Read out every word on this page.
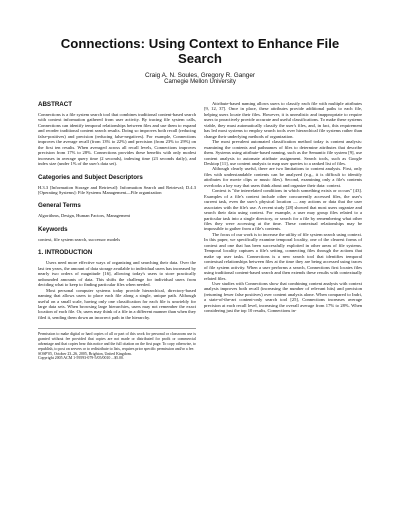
Connections: Using Context to Enhance File Search
Craig A. N. Soules, Gregory R. Ganger
Carnegie Mellon University
ABSTRACT

Connections is a file system search tool that combines traditional content-based search with context information gathered from user activity. By tracing file system calls, Connections can identify temporal relationships between files and use them to expand and reorder traditional content search results. Doing so improves both recall (reducing false-positives) and precision (reducing false-negatives). For example, Connections improves the average recall (from 13% to 22%) and precision (from 23% to 29%) on the first ten results. When averaged across all recall levels, Connections improves precision from 17% to 28%. Connections provides these benefits with only modest increases in average query time (2 seconds), indexing time (23 seconds daily), and index size (under 1% of the user's data set).

Categories and Subject Descriptors

H.3.3 [Information Storage and Retrieval]: Information Search and Retrieval; D.4.3 [Operating Systems]: File Systems Management—File organization

General Terms

Algorithms, Design, Human Factors, Management

Keywords

context, file system search, successor models

1. INTRODUCTION

Users need more effective ways of organizing and searching their data. Over the last ten years, the amount of data storage available to individual users has increased by nearly two orders of magnitude [16], allowing today's users to store practically unbounded amounts of data. This shifts the challenge for individual users from deciding what to keep to finding particular files when needed.

Most personal computer systems today provide hierarchical, directory-based naming that allows users to place each file along a single, unique path. Although useful on a small scale, having only one classification for each file is unwieldy for large data sets. When browsing large hierarchies, users may not remember the exact location of each file. Or, users may think of a file in a different manner than when they filed it, sending them down an incorrect path in the hierarchy.

Permission to make digital or hard copies of all or part of this work for personal or classroom use is granted without fee provided that copies are not made or distributed for profit or commercial advantage and that copies bear this notice and the full citation on the first page. To copy otherwise, to republish, to post on servers or to redistribute to lists, requires prior specific permission and/or a fee.

SOSP'05, October 23–26, 2005, Brighton, United Kingdom.

Copyright 2005 ACM 1-59593-079-5/05/0010 ...$5.00.

Attribute-based naming allows users to classify each file with multiple attributes [9, 12, 37]. Once in place, these attributes provide additional paths to each file, helping users locate their files. However, it is unrealistic and inappropriate to require users to proactively provide accurate and useful classifications. To make these systems viable, they must automatically classify the user's files, and, in fact, this requirement has led most systems to employ search tools over hierarchical file systems rather than change their underlying methods of organization.

The most prevalent automated classification method today is content analysis: examining the contents and pathnames of files to determine attributes that describe them. Systems using attribute-based naming, such as the Semantic file system [9], use content analysis to automate attribute assignment. Search tools, such as Google Desktop [11], use content analysis to map user queries to a ranked list of files.

Although clearly useful, there are two limitations to content analysis. First, only files with understandable contents can be analyzed (e.g., it is difficult to identify attributes for movie clips or music files). Second, examining only a file's contents overlooks a key way that users think about and organize their data: context.

Context is "the interrelated conditions in which something exists or occurs" [43]. Examples of a file's context include other concurrently accessed files, the user's current task, even the user's physical location — any actions or data that the user associates with the file's use. A recent study [28] showed that most users organize and search their data using context. For example, a user may group files related to a particular task into a single directory, or search for a file by remembering what other files they were accessing at the time. These contextual relationships may be impossible to gather from a file's contents.

The focus of our work is to increase the utility of file system search using context. In this paper, we specifically examine temporal locality, one of the clearest forms of context and one that has been successfully exploited in other areas of file systems. Temporal locality captures a file's setting, connecting files through the actions that make up user tasks. Connections is a new search tool that identifies temporal contextual relationships between files at the time they are being accessed using traces of file system activity. When a user performs a search, Connections first locates files using traditional content-based search and then extends these results with contextually related files.

User studies with Connections show that combining content analysis with context analysis improves both recall (increasing the number of relevant hits) and precision (returning fewer false positives) over content analysis alone. When compared to Indri, a state-of-the-art content-only search tool [25], Connections increases average precision at each recall level, increasing the overall average from 17% to 28%. When considering just the top 10 results, Connections in-
